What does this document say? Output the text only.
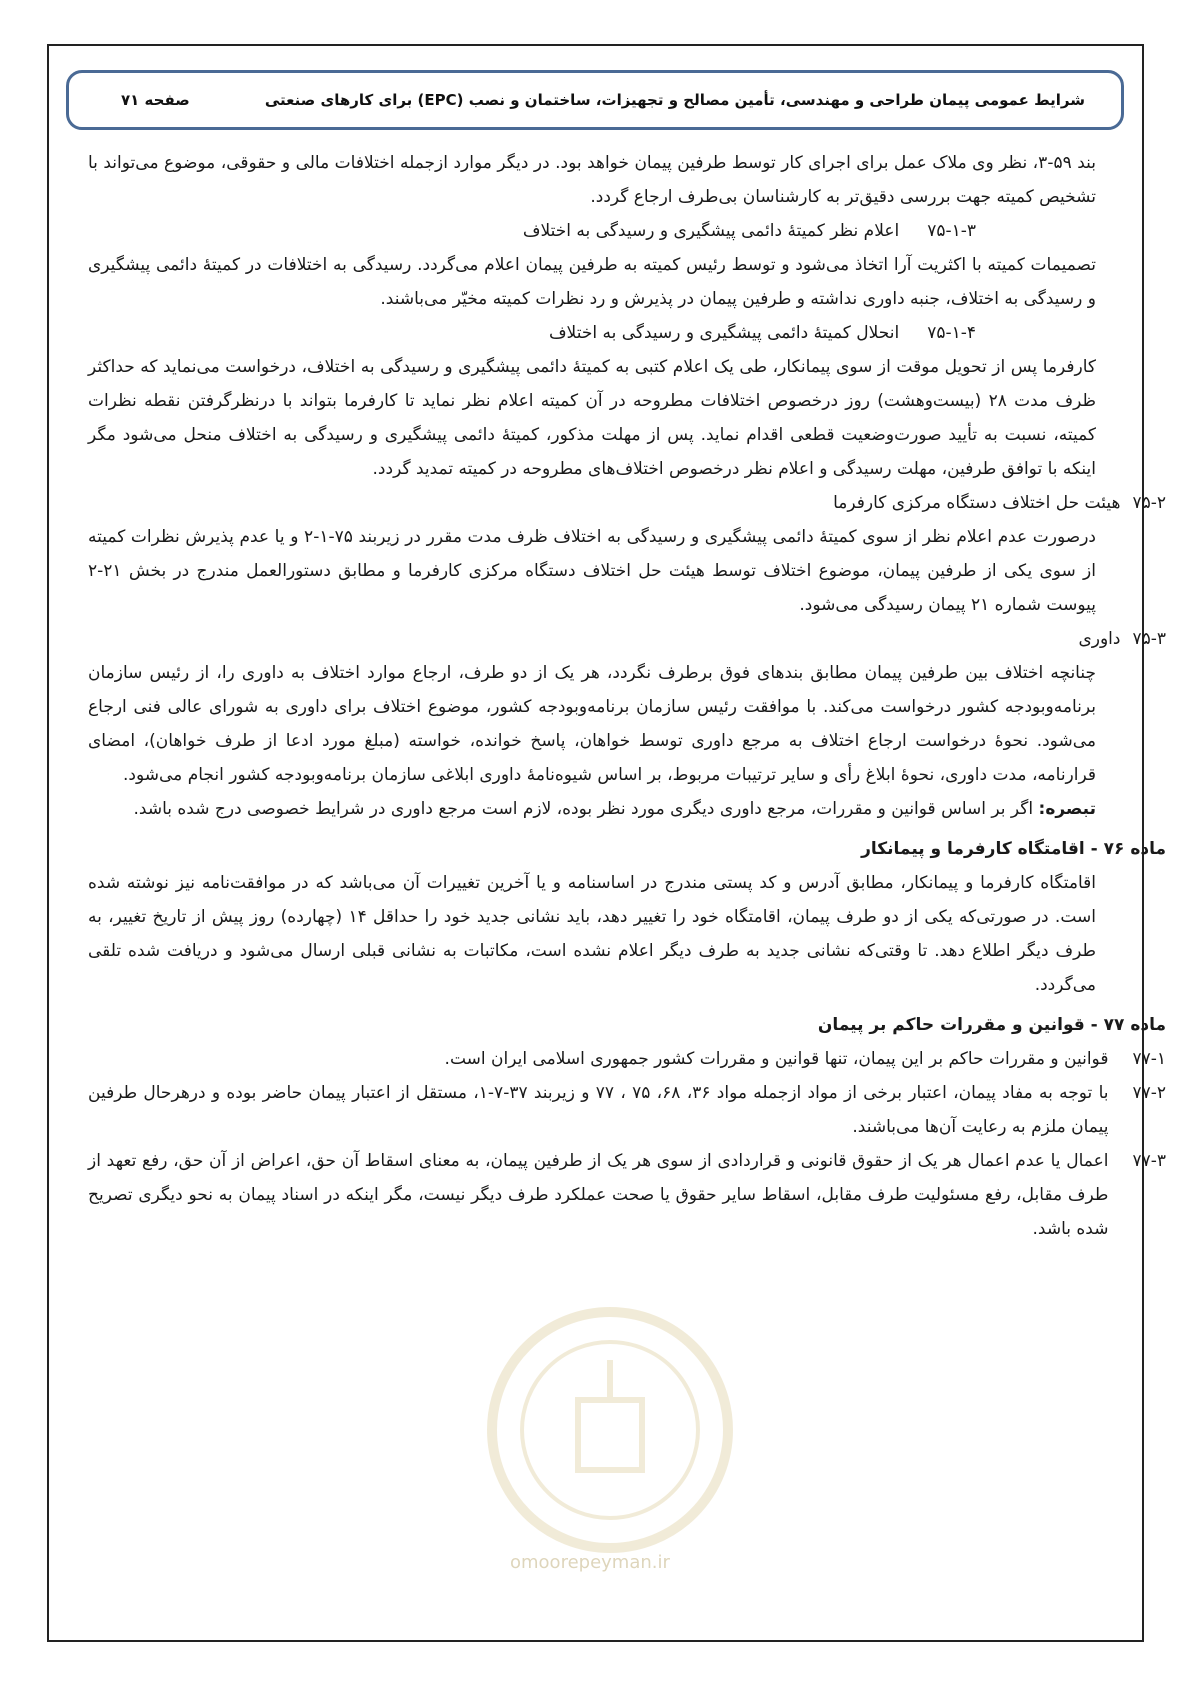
شرایط عمومی پیمان طراحی و مهندسی، تأمین مصالح و تجهیزات، ساختمان و نصب (EPC) برای کارهای صنعتی
صفحه ۷۱
omoorepeyman.ir

بند ۵۹-۳، نظر وی ملاک عمل برای اجرای کار توسط طرفین پیمان خواهد بود. در دیگر موارد ازجمله اختلافات مالی و حقوقی، موضوع می‌تواند با تشخیص کمیته جهت بررسی دقیق‌تر به کارشناسان بی‌طرف ارجاع گردد.

۷۵-۱-۳
اعلام نظر کمیتهٔ دائمی پیشگیری و رسیدگی به اختلاف

تصمیمات کمیته با اکثریت آرا اتخاذ می‌شود و توسط رئیس کمیته به طرفین پیمان اعلام می‌گردد. رسیدگی به اختلافات در کمیتهٔ دائمی پیشگیری و رسیدگی به اختلاف، جنبه داوری نداشته و طرفین پیمان در پذیرش و رد نظرات کمیته مخیّر می‌باشند.

۷۵-۱-۴
انحلال کمیتهٔ دائمی پیشگیری و رسیدگی به اختلاف

کارفرما پس از تحویل موقت از سوی پیمانکار، طی یک اعلام کتبی به کمیتهٔ دائمی پیشگیری و رسیدگی به اختلاف، درخواست می‌نماید که حداکثر ظرف مدت ۲۸ (بیست‌وهشت) روز درخصوص اختلافات مطروحه در آن کمیته اعلام نظر نماید تا کارفرما بتواند با درنظرگرفتن نقطه نظرات کمیته، نسبت به تأیید صورت‌وضعیت قطعی اقدام نماید. پس از مهلت مذکور، کمیتهٔ دائمی پیشگیری و رسیدگی به اختلاف منحل می‌شود مگر اینکه با توافق طرفین، مهلت رسیدگی و اعلام نظر درخصوص اختلاف‌های مطروحه در کمیته تمدید گردد.

۷۵-۲
هیئت حل اختلاف دستگاه مرکزی کارفرما

درصورت عدم اعلام نظر از سوی کمیتهٔ دائمی پیشگیری و رسیدگی به اختلاف ظرف مدت مقرر در زیربند ۷۵-۱-۲ و یا عدم پذیرش نظرات کمیته از سوی یکی از طرفین پیمان، موضوع اختلاف توسط هیئت حل اختلاف دستگاه مرکزی کارفرما و مطابق دستورالعمل مندرج در بخش ۲۱-۲ پیوست شماره ۲۱ پیمان رسیدگی می‌شود.

۷۵-۳
داوری

چنانچه اختلاف بین طرفین پیمان مطابق بندهای فوق برطرف نگردد، هر یک از دو طرف، ارجاع موارد اختلاف به داوری را، از رئیس سازمان برنامه‌وبودجه کشور درخواست می‌کند. با موافقت رئیس سازمان برنامه‌وبودجه کشور، موضوع اختلاف برای داوری به شورای عالی فنی ارجاع می‌شود. نحوهٔ درخواست ارجاع اختلاف به مرجع داوری توسط خواهان، پاسخ خوانده، خواسته (مبلغ مورد ادعا از طرف خواهان)، امضای قرارنامه، مدت داوری، نحوهٔ ابلاغ رأی و سایر ترتیبات مربوط، بر اساس شیوه‌نامهٔ داوری ابلاغی سازمان برنامه‌وبودجه کشور انجام می‌شود.

تبصره: اگر بر اساس قوانین و مقررات، مرجع داوری دیگری مورد نظر بوده، لازم است مرجع داوری در شرایط خصوصی درج شده باشد.

ماده ۷۶ - اقامتگاه کارفرما و پیمانکار

اقامتگاه کارفرما و پیمانکار، مطابق آدرس و کد پستی مندرج در اساسنامه و یا آخرین تغییرات آن می‌باشد که در موافقت‌نامه نیز نوشته شده است. در صورتی‌که یکی از دو طرف پیمان، اقامتگاه خود را تغییر دهد، باید نشانی جدید خود را حداقل ۱۴ (چهارده) روز پیش از تاریخ تغییر، به طرف دیگر اطلاع دهد. تا وقتی‌که نشانی جدید به طرف دیگر اعلام نشده است، مکاتبات به نشانی قبلی ارسال می‌شود و دریافت شده تلقی می‌گردد.

ماده ۷۷ - قوانین و مقررات حاکم بر پیمان

۷۷-۱
قوانین و مقررات حاکم بر این پیمان، تنها قوانین و مقررات کشور جمهوری اسلامی ایران است.
۷۷-۲
با توجه به مفاد پیمان، اعتبار برخی از مواد ازجمله مواد ۳۶، ۶۸، ۷۵ ، ۷۷ و زیربند ۳۷-۷-۱، مستقل از اعتبار پیمان حاضر بوده و درهرحال طرفین پیمان ملزم به رعایت آن‌ها می‌باشند.
۷۷-۳
اعمال یا عدم اعمال هر یک از حقوق قانونی و قراردادی از سوی هر یک از طرفین پیمان، به معنای اسقاط آن حق، اعراض از آن حق، رفع تعهد از طرف مقابل، رفع مسئولیت طرف مقابل، اسقاط سایر حقوق یا صحت عملکرد طرف دیگر نیست، مگر اینکه در اسناد پیمان به نحو دیگری تصریح شده باشد.
